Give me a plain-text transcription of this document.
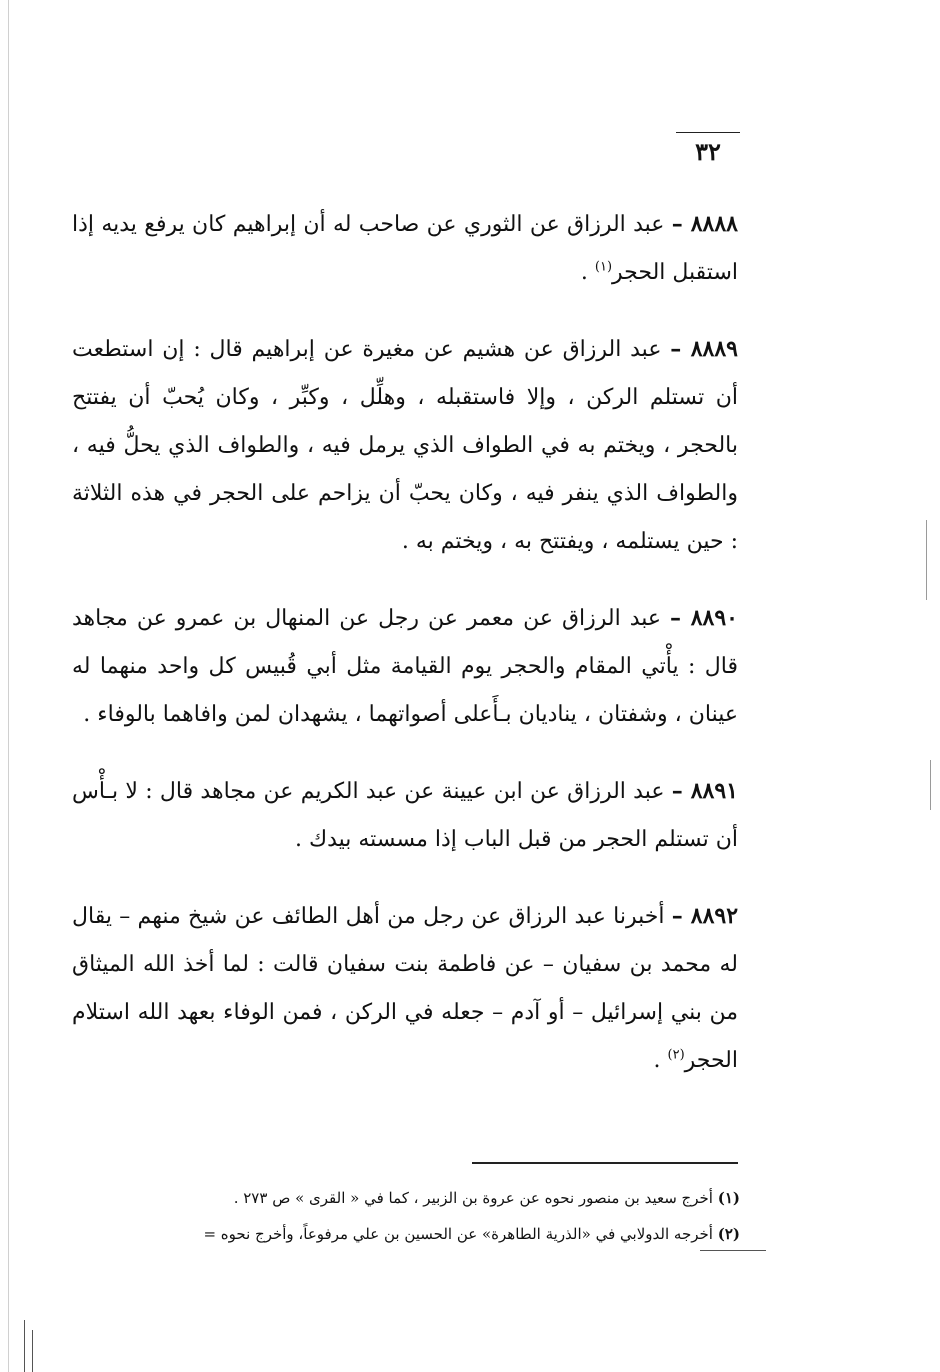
٣٢

٨٨٨٨ – عبد الرزاق عن الثوري عن صاحب له أن إبراهيم كان يرفع يديه إذا استقبل الحجر$^{(١)}$ .

٨٨٨٩ – عبد الرزاق عن هشيم عن مغيرة عن إبراهيم قال : إن استطعت أن تستلم الركن ، وإلا فاستقبله ، وهلِّل ، وكبِّر ، وكان يُحبّ أن يفتتح بالحجر ، ويختم به في الطواف الذي يرمل فيه ، والطواف الذي يحلُّ فيه ، والطواف الذي ينفر فيه ، وكان يحبّ أن يزاحم على الحجر في هذه الثلاثة : حين يستلمه ، ويفتتح به ، ويختم به .

٨٨٩٠ – عبد الرزاق عن معمر عن رجل عن المنهال بن عمرو عن مجاهد قال : يأْتي المقام والحجر يوم القيامة مثل أبي قُبيس كل واحد منهما له عينان ، وشفتان ، ينادیان بـأَعلى أصواتهما ، يشهدان لمن وافاهما بالوفاء .

٨٨٩١ – عبد الرزاق عن ابن عيينة عن عبد الكريم عن مجاهد قال : لا بـأْس أن تستلم الحجر من قبل الباب إذا مسسته بيدك .

٨٨٩٢ – أخبرنا عبد الرزاق عن رجل من أهل الطائف عن شيخ منهم – يقال له محمد بن سفيان – عن فاطمة بنت سفيان قالت : لما أخذ الله الميثاق من بني إسرائيل – أو آدم – جعله في الركن ، فمن الوفاء بعهد الله استلام الحجر$^{(٢)}$ .

(١) أخرج سعيد بن منصور نحوه عن عروة بن الزبير ، كما في « القرى » ص ٢٧٣ .

(٢) أخرجه الدولابي في «الذرية الطاهرة» عن الحسين بن علي مرفوعاً، وأخرج نحوه =
